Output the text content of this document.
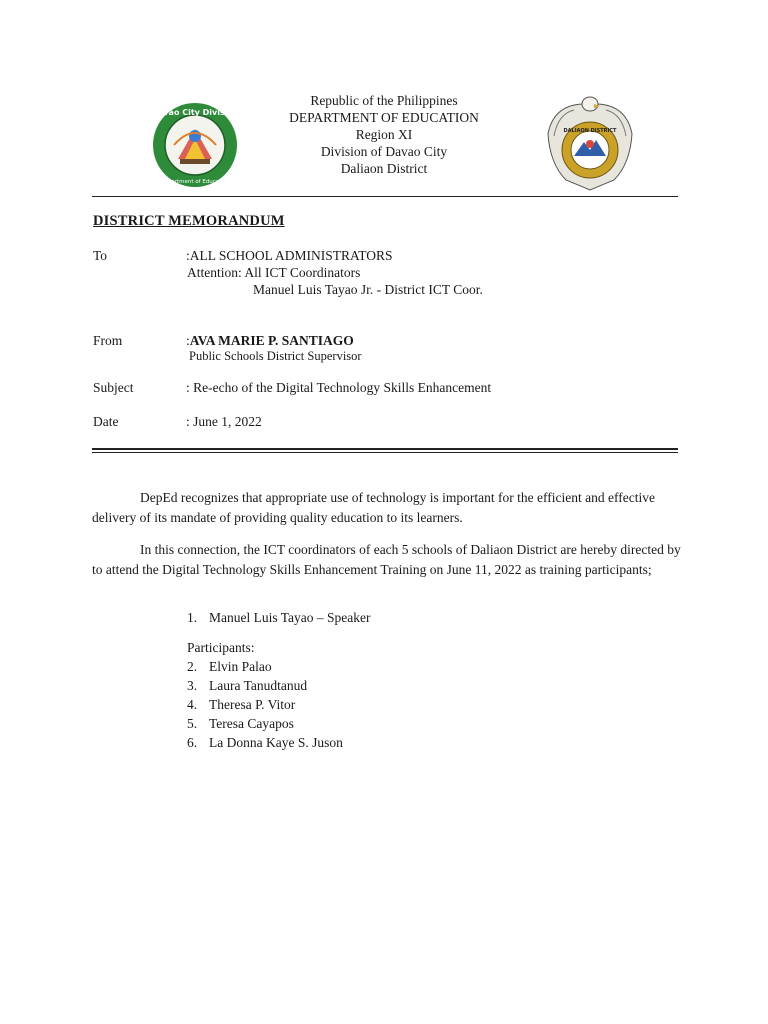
Davao City Division
Department of Education
Republic of the Philippines
DEPARTMENT OF EDUCATION
Region XI
Division of Davao City
Daliaon District
DALIAON DISTRICT
DISTRICT MEMORANDUM
To	:ALL SCHOOL ADMINISTRATORS
Attention: All ICT Coordinators
Manuel Luis Tayao Jr. - District ICT Coor.
From	:AVA MARIE P. SANTIAGO
Public Schools District Supervisor
Subject	: Re-echo of the Digital Technology Skills Enhancement
Date	: June 1, 2022
DepEd recognizes that appropriate use of technology is important for the efficient and effective delivery of its mandate of providing quality education to its learners.
In this connection, the ICT coordinators of each 5 schools of Daliaon District are hereby directed by to attend the Digital Technology Skills Enhancement Training on June 11, 2022 as training participants;
1. Manuel Luis Tayao – Speaker
Participants:
2. Elvin Palao
3. Laura Tanudtanud
4. Theresa P. Vitor
5. Teresa Cayapos
6. La Donna Kaye S. Juson
